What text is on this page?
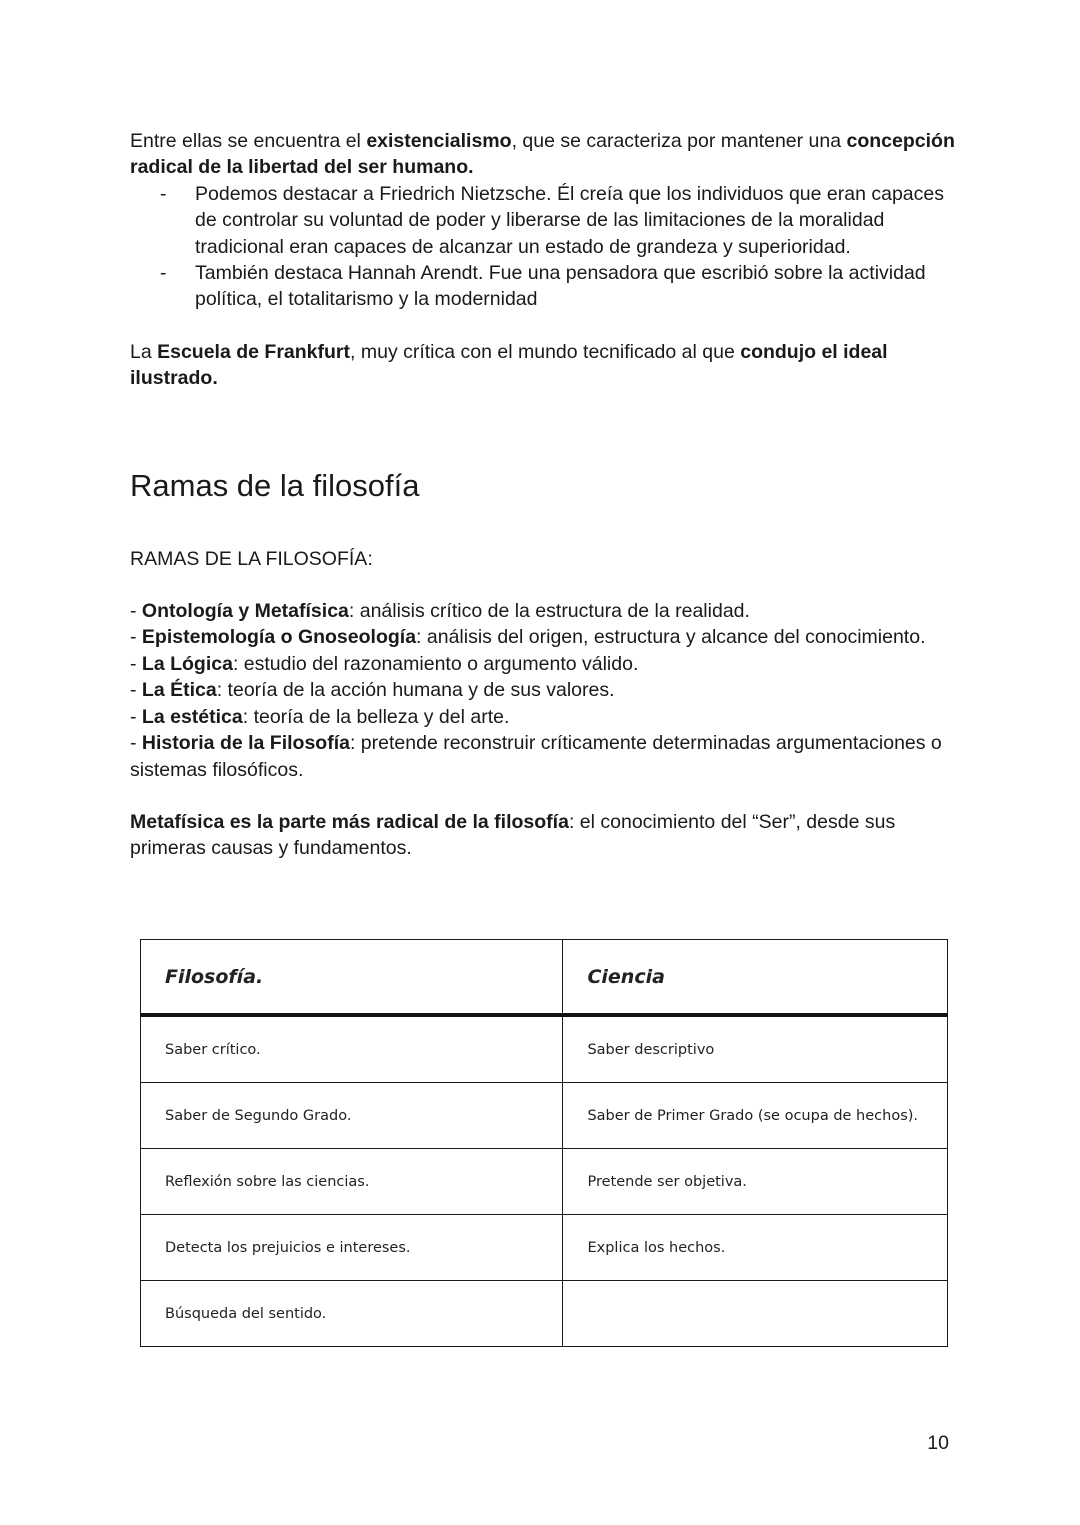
Entre ellas se encuentra el existencialismo, que se caracteriza por mantener una concepción radical de la libertad del ser humano.

- Podemos destacar a Friedrich Nietzsche. Él creía que los individuos que eran capaces de controlar su voluntad de poder y liberarse de las limitaciones de la moralidad tradicional eran capaces de alcanzar un estado de grandeza y superioridad.
- También destaca Hannah Arendt. Fue una pensadora que escribió sobre la actividad política, el totalitarismo y la modernidad

La Escuela de Frankfurt, muy crítica con el mundo tecnificado al que condujo el ideal ilustrado.

Ramas de la filosofía

RAMAS DE LA FILOSOFÍA:

- Ontología y Metafísica: análisis crítico de la estructura de la realidad.
- Epistemología o Gnoseología: análisis del origen, estructura y alcance del conocimiento.
- La Lógica: estudio del razonamiento o argumento válido.
- La Ética: teoría de la acción humana y de sus valores.
- La estética: teoría de la belleza y del arte.
- Historia de la Filosofía: pretende reconstruir críticamente determinadas argumentaciones o sistemas filosóficos.

Metafísica es la parte más radical de la filosofía: el conocimiento del “Ser”, desde sus primeras causas y fundamentos.

Filosofía.	Ciencia
Saber crítico.	Saber descriptivo
Saber de Segundo Grado.	Saber de Primer Grado (se ocupa de hechos).
Reflexión sobre las ciencias.	Pretende ser objetiva.
Detecta los prejuicios e intereses.	Explica los hechos.
Búsqueda del sentido.	
10
